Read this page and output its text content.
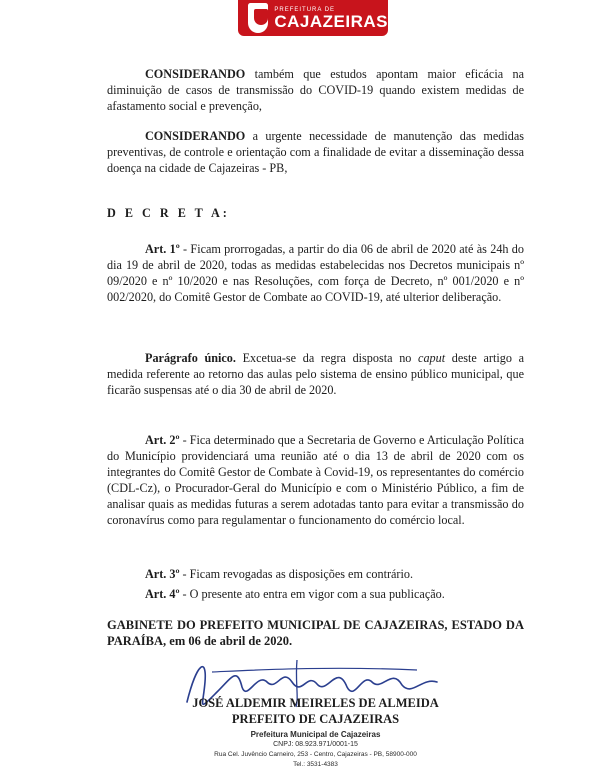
PREFEITURA DE
CAJAZEIRAS

CONSIDERANDO também que estudos apontam maior eficácia na diminuição de casos de transmissão do COVID-19 quando existem medidas de afastamento social e prevenção,

CONSIDERANDO a urgente necessidade de manutenção das medidas preventivas, de controle e orientação com a finalidade de evitar a disseminação dessa doença na cidade de Cajazeiras - PB,

D E C R E T A:

Art. 1º - Ficam prorrogadas, a partir do dia 06 de abril de 2020 até às 24h do dia 19 de abril de 2020, todas as medidas estabelecidas nos Decretos municipais nº 09/2020 e nº 10/2020 e nas Resoluções, com força de Decreto, nº 001/2020 e nº 002/2020, do Comitê Gestor de Combate ao COVID-19, até ulterior deliberação.

Parágrafo único. Excetua-se da regra disposta no caput deste artigo a medida referente ao retorno das aulas pelo sistema de ensino público municipal, que ficarão suspensas até o dia 30 de abril de 2020.

Art. 2º - Fica determinado que a Secretaria de Governo e Articulação Política do Município providenciará uma reunião até o dia 13 de abril de 2020 com os integrantes do Comitê Gestor de Combate à Covid-19, os representantes do comércio (CDL-Cz), o Procurador-Geral do Município e com o Ministério Público, a fim de analisar quais as medidas futuras a serem adotadas tanto para evitar a transmissão do coronavírus como para regulamentar o funcionamento do comércio local.

Art. 3º - Ficam revogadas as disposições em contrário.

Art. 4º - O presente ato entra em vigor com a sua publicação.

GABINETE DO PREFEITO MUNICIPAL DE CAJAZEIRAS, ESTADO DA PARAÍBA, em 06 de abril de 2020.

JOSÉ ALDEMIR MEIRELES DE ALMEIDA
PREFEITO DE CAJAZEIRAS
Prefeitura Municipal de Cajazeiras
CNPJ: 08.923.971/0001-15
Rua Cel. Juvêncio Carneiro, 253 - Centro, Cajazeiras - PB, 58900-000
Tel.: 3531-4383
